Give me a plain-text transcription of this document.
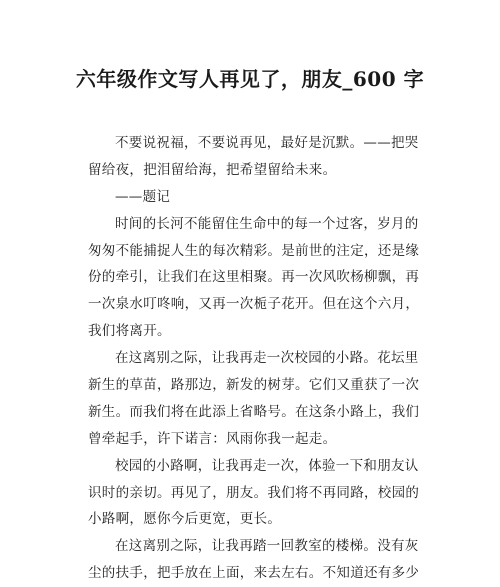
六年级作文写人再见了，朋友_600 字
不要说祝福，不要说再见，最好是沉默。——把哭
留给夜，把泪留给海，把希望留给未来。
——题记
时间的长河不能留住生命中的每一个过客，岁月的
匆匆不能捕捉人生的每次精彩。是前世的注定，还是缘
份的牵引，让我们在这里相聚。再一次风吹杨柳飘，再
一次泉水叮咚响，又再一次栀子花开。但在这个六月，
我们将离开。
在这离别之际，让我再走一次校园的小路。花坛里
新生的草苗，路那边，新发的树芽。它们又重获了一次
新生。而我们将在此添上省略号。在这条小路上，我们
曾牵起手，许下诺言：风雨你我一起走。
校园的小路啊，让我再走一次，体验一下和朋友认
识时的亲切。再见了，朋友。我们将不再同路，校园的
小路啊，愿你今后更宽，更长。
在这离别之际，让我再踏一回教室的楼梯。没有灰
尘的扶手，把手放在上面，来去左右。不知道还有多少
